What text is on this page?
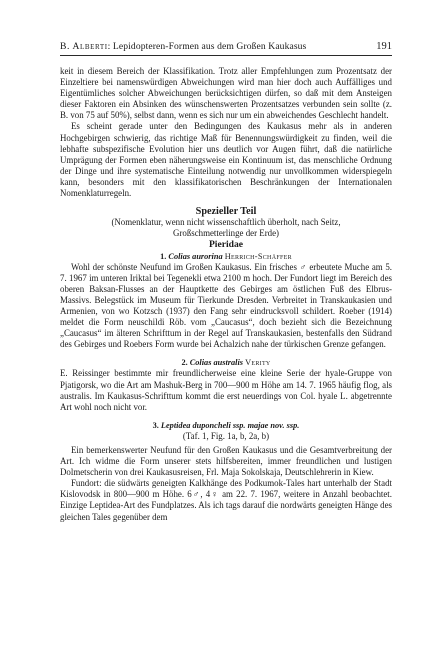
B. Alberti: Lepidopteren-Formen aus dem Großen Kaukasus	191

keit in diesem Bereich der Klassifikation. Trotz aller Empfehlungen zum Prozentsatz der Einzeltiere bei namenswürdigen Abweichungen wird man hier doch auch Auffälliges und Eigentümliches solcher Abweichungen berücksichtigen dürfen, so daß mit dem Ansteigen dieser Faktoren ein Absinken des wünschenswerten Prozentsatzes verbunden sein sollte (z. B. von 75 auf 50%), selbst dann, wenn es sich nur um ein abweichendes Geschlecht handelt.

Es scheint gerade unter den Bedingungen des Kaukasus mehr als in anderen Hochgebirgen schwierig, das richtige Maß für Benennungswürdigkeit zu finden, weil die lebhafte subspezifische Evolution hier uns deutlich vor Augen führt, daß die natürliche Umprägung der Formen eben näherungsweise ein Kontinuum ist, das menschliche Ordnung der Dinge und ihre systematische Einteilung notwendig nur unvollkommen widerspiegeln kann, besonders mit den klassifikatorischen Beschränkungen der Internationalen Nomenklaturregeln.

Spezieller Teil

(Nomenklatur, wenn nicht wissenschaftlich überholt, nach Seitz,

Großschmetterlinge der Erde)

Pieridae

1. Colias aurorina Herrich-Schäffer

Wohl der schönste Neufund im Großen Kaukasus. Ein frisches ♂ erbeutete Muche am 5. 7. 1967 im unteren Iriktal bei Tegenekli etwa 2100 m hoch. Der Fundort liegt im Bereich des oberen Baksan-Flusses an der Hauptkette des Gebirges am östlichen Fuß des Elbrus-Massivs. Belegstück im Museum für Tierkunde Dresden. Verbreitet in Transkaukasien und Armenien, von wo Kotzsch (1937) den Fang sehr eindrucksvoll schildert. Roeber (1914) meldet die Form neuschildi Röb. vom „Caucasus“, doch bezieht sich die Bezeichnung „Caucasus“ im älteren Schrifttum in der Regel auf Transkaukasien, bestenfalls den Südrand des Gebirges und Roebers Form wurde bei Achalzich nahe der türkischen Grenze gefangen.

2. Colias australis Verity

E. Reissinger bestimmte mir freundlicherweise eine kleine Serie der hyale-Gruppe von Pjatigorsk, wo die Art am Mashuk-Berg in 700—900 m Höhe am 14. 7. 1965 häufig flog, als australis. Im Kaukasus-Schrifttum kommt die erst neuerdings von Col. hyale L. abgetrennte Art wohl noch nicht vor.

3. Leptidea duponcheli ssp. majae nov. ssp.

(Taf. 1, Fig. 1a, b, 2a, b)

Ein bemerkenswerter Neufund für den Großen Kaukasus und die Gesamtverbreitung der Art. Ich widme die Form unserer stets hilfsbereiten, immer freundlichen und lustigen Dolmetscherin von drei Kaukasusreisen, Frl. Maja Sokolskaja, Deutschlehrerin in Kiew.

Fundort: die südwärts geneigten Kalkhänge des Podkumok-Tales hart unterhalb der Stadt Kislovodsk in 800—900 m Höhe. 6♂, 4♀ am 22. 7. 1967, weitere in Anzahl beobachtet. Einzige Leptidea-Art des Fundplatzes. Als ich tags darauf die nordwärts geneigten Hänge des gleichen Tales gegenüber dem
